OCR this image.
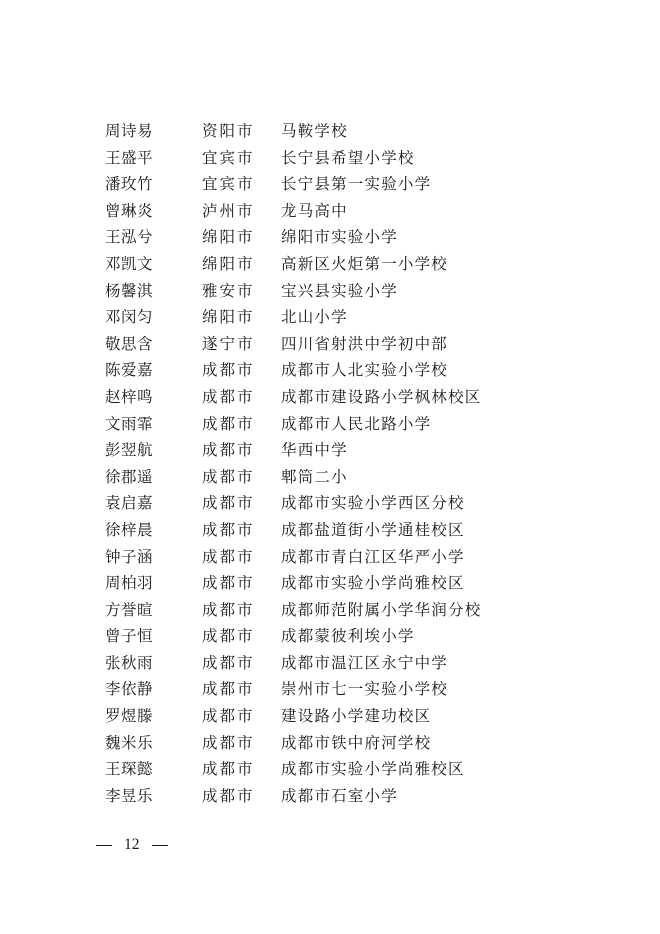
周诗易	资阳市 马鞍学校
王盛平	宜宾市 长宁县希望小学校
潘玫竹	宜宾市 长宁县第一实验小学
曾琳炎	泸州市 龙马高中
王泓兮	绵阳市 绵阳市实验小学
邓凯文	绵阳市 高新区火炬第一小学校
杨馨淇	雅安市 宝兴县实验小学
邓闵匀	绵阳市 北山小学
敬思含	遂宁市 四川省射洪中学初中部
陈爱嘉	成都市 成都市人北实验小学校
赵梓鸣	成都市 成都市建设路小学枫林校区
文雨霏	成都市 成都市人民北路小学
彭翌航	成都市 华西中学
徐郡遥	成都市 郫筒二小
袁启嘉	成都市 成都市实验小学西区分校
徐梓晨	成都市 成都盐道街小学通桂校区
钟子涵	成都市 成都市青白江区华严小学
周柏羽	成都市 成都市实验小学尚雅校区
方誉暄	成都市 成都师范附属小学华润分校
曾子恒	成都市 成都蒙彼利埃小学
张秋雨	成都市 成都市温江区永宁中学
李依静	成都市 崇州市七一实验小学校
罗煜滕	成都市 建设路小学建功校区
魏米乐	成都市 成都市铁中府河学校
王琛懿	成都市 成都市实验小学尚雅校区
李昱乐	成都市 成都市石室小学
12
